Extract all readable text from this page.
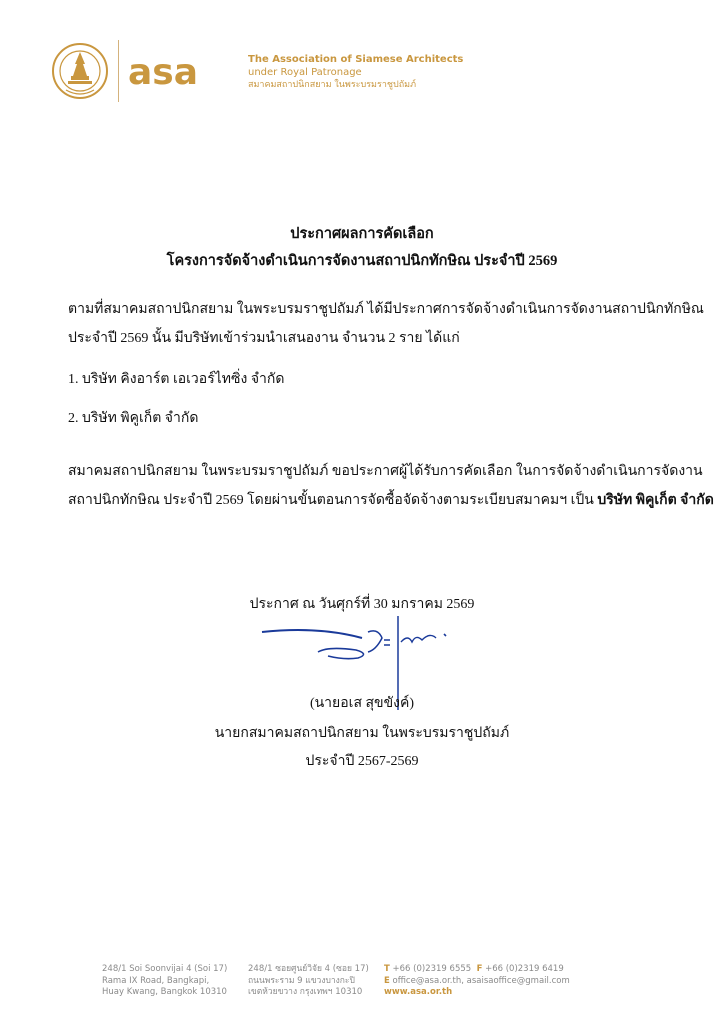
asa	The Association of Siamese Architects
under Royal Patronage
สมาคมสถาปนิกสยาม ในพระบรมราชูปถัมภ์
ประกาศผลการคัดเลือก
โครงการจัดจ้างดำเนินการจัดงานสถาปนิกทักษิณ ประจำปี 2569
ตามที่สมาคมสถาปนิกสยาม ในพระบรมราชูปถัมภ์ ได้มีประกาศการจัดจ้างดำเนินการจัดงานสถาปนิกทักษิณ
ประจำปี 2569 นั้น มีบริษัทเข้าร่วมนำเสนองาน จำนวน 2 ราย ได้แก่
1. บริษัท คิงอาร์ต เอเวอร์ไทซิ่ง จำกัด
2. บริษัท พิคูเก็ต จำกัด
สมาคมสถาปนิกสยาม ในพระบรมราชูปถัมภ์ ขอประกาศผู้ได้รับการคัดเลือก ในการจัดจ้างดำเนินการจัดงาน
สถาปนิกทักษิณ ประจำปี 2569 โดยผ่านขั้นตอนการจัดซื้อจัดจ้างตามระเบียบสมาคมฯ เป็น บริษัท พิคูเก็ต จำกัด
ประกาศ ณ วันศุกร์ที่ 30 มกราคม 2569
(นายอเส สุขขังค์)
นายกสมาคมสถาปนิกสยาม ในพระบรมราชูปถัมภ์
ประจำปี 2567-2569
248/1 Soi Soonvijai 4 (Soi 17)
Rama IX Road, Bangkapi,
Huay Kwang, Bangkok 10310
248/1 ซอยศูนย์วิจัย 4 (ซอย 17)
ถนนพระราม 9 แขวงบางกะปิ
เขตห้วยขวาง กรุงเทพฯ 10310
T +66 (0)2319 6555 F +66 (0)2319 6419
E office@asa.or.th, asaisaoffice@gmail.com
www.asa.or.th
